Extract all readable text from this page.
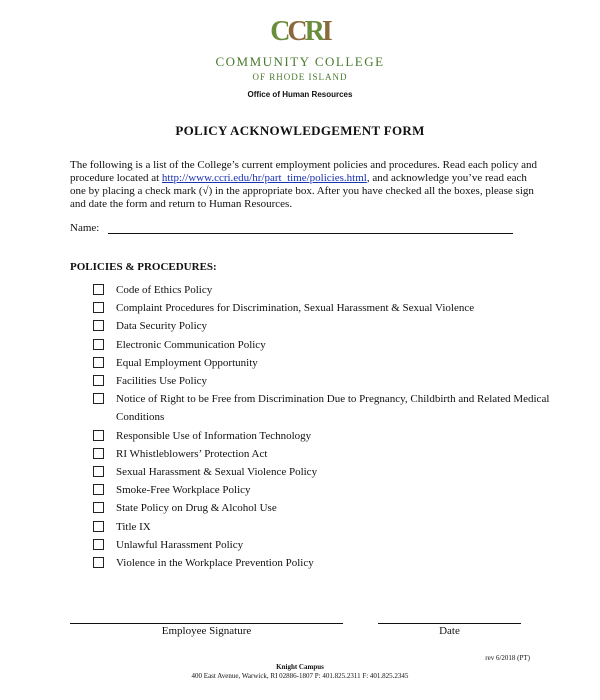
CCRI
COMMUNITY COLLEGE
OF RHODE ISLAND
Office of Human Resources
POLICY ACKNOWLEDGEMENT FORM
The following is a list of the College’s current employment policies and procedures. Read each policy and procedure located at http://www.ccri.edu/hr/part_time/policies.html, and acknowledge you’ve read each one by placing a check mark (√) in the appropriate box. After you have checked all the boxes, please sign and date the form and return to Human Resources.
Name:
POLICIES & PROCEDURES:
Code of Ethics Policy
Complaint Procedures for Discrimination, Sexual Harassment & Sexual Violence
Data Security Policy
Electronic Communication Policy
Equal Employment Opportunity
Facilities Use Policy
Notice of Right to be Free from Discrimination Due to Pregnancy, Childbirth and Related Medical Conditions
Responsible Use of Information Technology
RI Whistleblowers’ Protection Act
Sexual Harassment & Sexual Violence Policy
Smoke-Free Workplace Policy
State Policy on Drug & Alcohol Use
Title IX
Unlawful Harassment Policy
Violence in the Workplace Prevention Policy
Employee Signature	Date
rev 6/2018 (PT)
Knight Campus
400 East Avenue, Warwick, RI 02886-1807 P: 401.825.2311 F: 401.825.2345
